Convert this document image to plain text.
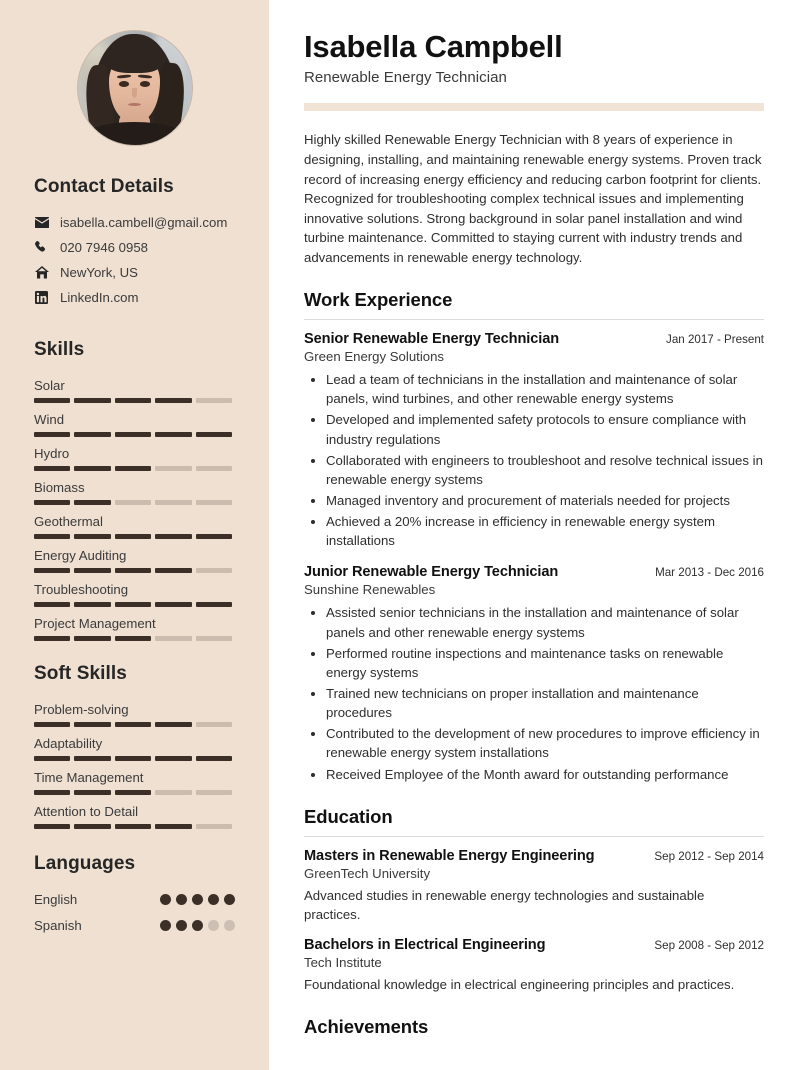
Contact Details
isabella.cambell@gmail.com
020 7946 0958
NewYork, US
LinkedIn.com
Skills
Solar
Wind
Hydro
Biomass
Geothermal
Energy Auditing
Troubleshooting
Project Management
Soft Skills
Problem-solving
Adaptability
Time Management
Attention to Detail
Languages
English
Spanish
Isabella Campbell
Renewable Energy Technician

Highly skilled Renewable Energy Technician with 8 years of experience in designing, installing, and maintaining renewable energy systems. Proven track record of increasing energy efficiency and reducing carbon footprint for clients. Recognized for troubleshooting complex technical issues and implementing innovative solutions. Strong background in solar panel installation and wind turbine maintenance. Committed to staying current with industry trends and advancements in renewable energy technology.

Work Experience
Senior Renewable Energy Technician	Jan 2017 - Present
Green Energy Solutions
• Lead a team of technicians in the installation and maintenance of solar panels, wind turbines, and other renewable energy systems
• Developed and implemented safety protocols to ensure compliance with industry regulations
• Collaborated with engineers to troubleshoot and resolve technical issues in renewable energy systems
• Managed inventory and procurement of materials needed for projects
• Achieved a 20% increase in efficiency in renewable energy system installations
Junior Renewable Energy Technician	Mar 2013 - Dec 2016
Sunshine Renewables
• Assisted senior technicians in the installation and maintenance of solar panels and other renewable energy systems
• Performed routine inspections and maintenance tasks on renewable energy systems
• Trained new technicians on proper installation and maintenance procedures
• Contributed to the development of new procedures to improve efficiency in renewable energy system installations
• Received Employee of the Month award for outstanding performance
Education
Masters in Renewable Energy Engineering	Sep 2012 - Sep 2014
GreenTech University
Advanced studies in renewable energy technologies and sustainable practices.
Bachelors in Electrical Engineering	Sep 2008 - Sep 2012
Tech Institute
Foundational knowledge in electrical engineering principles and practices.
Achievements
